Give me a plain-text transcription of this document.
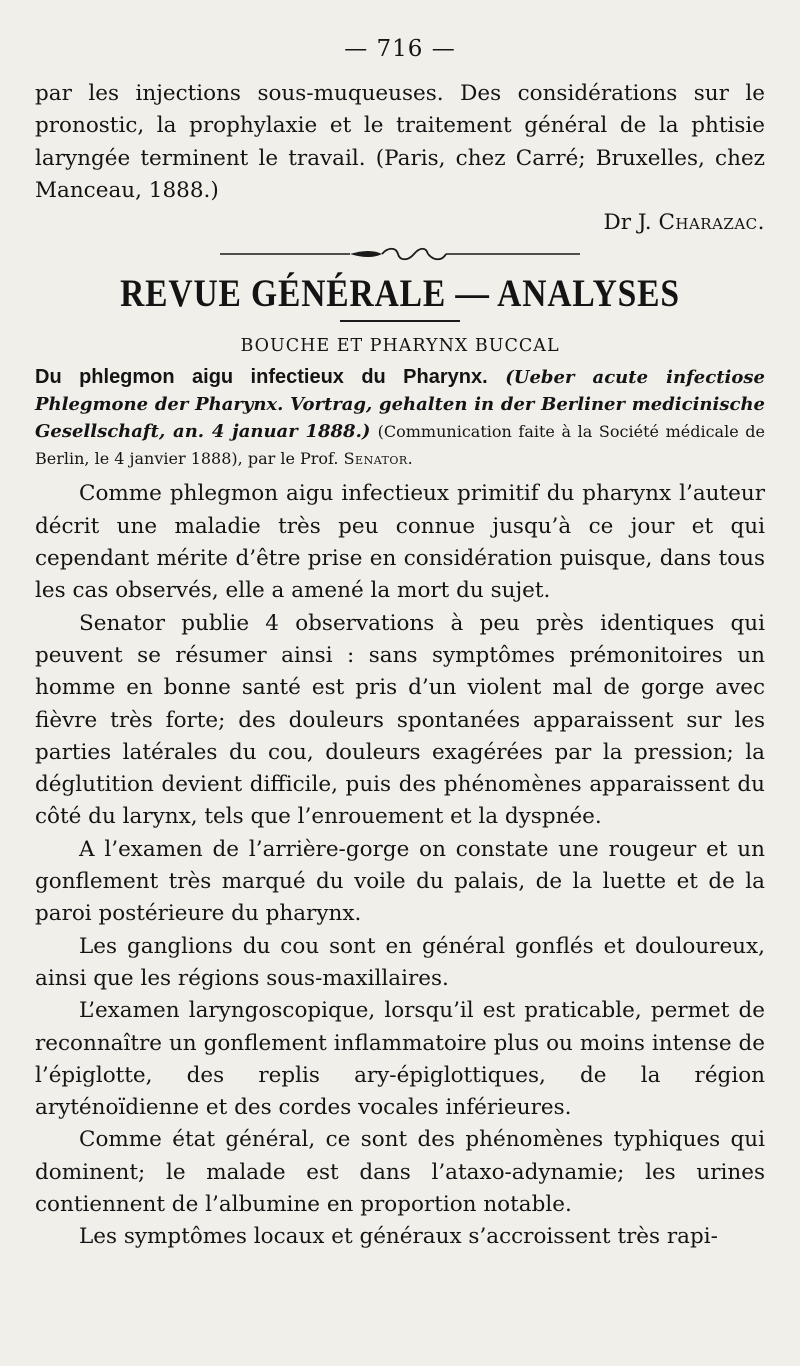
— 716 —

par les injections sous-muqueuses. Des considérations sur le pronostic, la prophylaxie et le traitement général de la phtisie laryngée terminent le travail. (Paris, chez Carré; Bruxelles, chez Manceau, 1888.)

Dr J. Charazac.

REVUE GÉNÉRALE — ANALYSES
BOUCHE ET PHARYNX BUCCAL

Du phlegmon aigu infectieux du Pharynx. (Ueber acute infectiose Phlegmone der Pharynx. Vortrag, gehalten in der Berliner medicinische Gesellschaft, an. 4 januar 1888.) (Communication faite à la Société médicale de Berlin, le 4 janvier 1888), par le Prof. Senator.

Comme phlegmon aigu infectieux primitif du pharynx l’auteur décrit une maladie très peu connue jusqu’à ce jour et qui cependant mérite d’être prise en considération puisque, dans tous les cas observés, elle a amené la mort du sujet.

Senator publie 4 observations à peu près identiques qui peuvent se résumer ainsi : sans symptômes prémonitoires un homme en bonne santé est pris d’un violent mal de gorge avec fièvre très forte; des douleurs spontanées apparaissent sur les parties latérales du cou, douleurs exagérées par la pression; la déglutition devient difficile, puis des phénomènes apparaissent du côté du larynx, tels que l’enrouement et la dyspnée.

A l’examen de l’arrière-gorge on constate une rougeur et un gonflement très marqué du voile du palais, de la luette et de la paroi postérieure du pharynx.

Les ganglions du cou sont en général gonflés et douloureux, ainsi que les régions sous-maxillaires.

L’examen laryngoscopique, lorsqu’il est praticable, permet de reconnaître un gonflement inflammatoire plus ou moins intense de l’épiglotte, des replis ary-épiglottiques, de la région aryténoïdienne et des cordes vocales inférieures.

Comme état général, ce sont des phénomènes typhiques qui dominent; le malade est dans l’ataxo-adynamie; les urines contiennent de l’albumine en proportion notable.

Les symptômes locaux et généraux s’accroissent très rapi-
